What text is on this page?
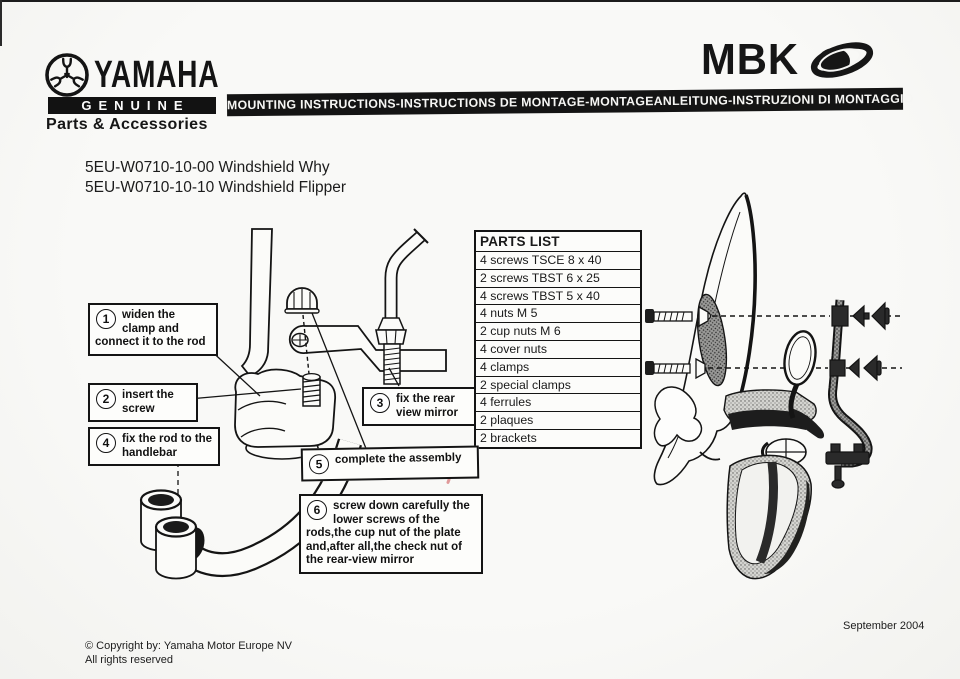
YAMAHA
GENUINE
Parts & Accessories
MBK
MOUNTING INSTRUCTIONS-INSTRUCTIONS DE MONTAGE-MONTAGEANLEITUNG-INSTRUZIONI DI MONTAGGIO
5EU-W0710-10-00 Windshield Why
5EU-W0710-10-10 Windshield Flipper
PARTS LIST
4 screws TSCE 8 x 40
2 screws TBST 6 x 25
4 screws TBST 5 x 40
4 nuts M 5
2 cup nuts M 6
4 cover nuts
4 clamps
2 special clamps
4 ferrules
2 plaques
2 brackets
1	widen the clamp and connect it to the rod
2	insert the screw	3	fix the rear view mirror
4	fix the rod to the handlebar
5	complete the assembly
6	screw down carefully the lower screws of the rods,the cup nut of the plate and,after all,the check nut of the rear-view mirror
© Copyright by: Yamaha Motor Europe NV
All rights reserved
September 2004
